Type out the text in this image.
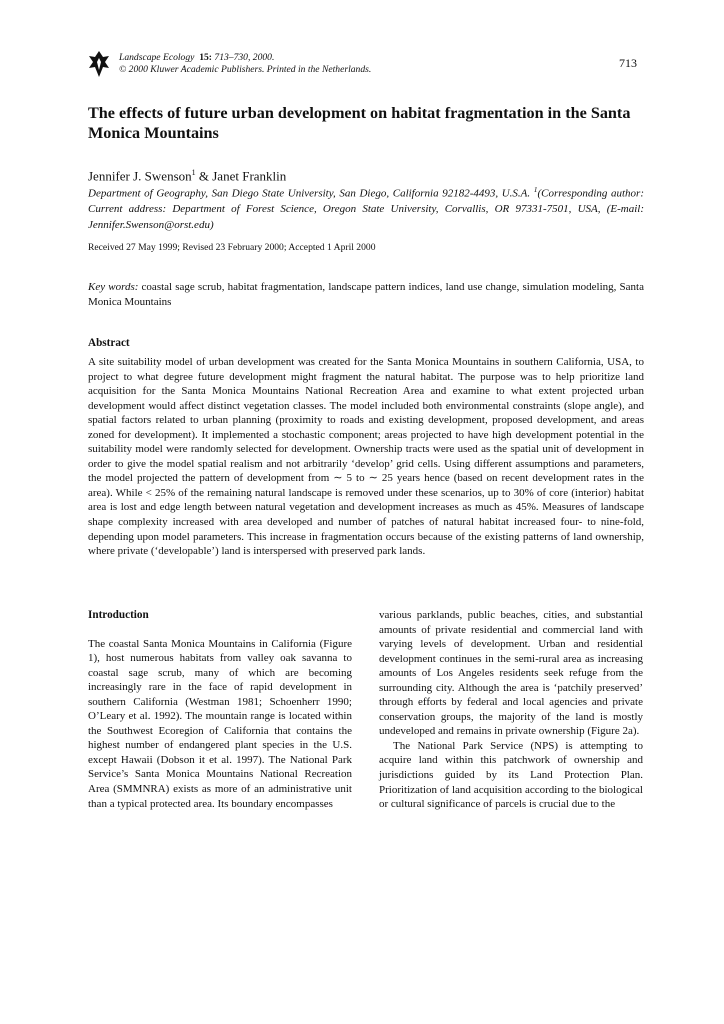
Landscape Ecology 15: 713–730, 2000.
© 2000 Kluwer Academic Publishers. Printed in the Netherlands.	713
The effects of future urban development on habitat fragmentation in the Santa Monica Mountains
Jennifer J. Swenson$^1$ & Janet Franklin
Department of Geography, San Diego State University, San Diego, California 92182-4493, U.S.A. $^1$(Corresponding author: Current address: Department of Forest Science, Oregon State University, Corvallis, OR 97331-7501, USA, (E-mail: Jennifer.Swenson@orst.edu)
Received 27 May 1999; Revised 23 February 2000; Accepted 1 April 2000
Key words: coastal sage scrub, habitat fragmentation, landscape pattern indices, land use change, simulation modeling, Santa Monica Mountains
Abstract
A site suitability model of urban development was created for the Santa Monica Mountains in southern California, USA, to project to what degree future development might fragment the natural habitat. The purpose was to help prioritize land acquisition for the Santa Monica Mountains National Recreation Area and examine to what extent projected urban development would affect distinct vegetation classes. The model included both environmental constraints (slope angle), and spatial factors related to urban planning (proximity to roads and existing development, proposed development, and areas zoned for development). It implemented a stochastic component; areas projected to have high development potential in the suitability model were randomly selected for development. Ownership tracts were used as the spatial unit of development in order to give the model spatial realism and not arbitrarily ‘develop’ grid cells. Using different assumptions and parameters, the model projected the pattern of development from ∼ 5 to ∼ 25 years hence (based on recent development rates in the area). While < 25% of the remaining natural landscape is removed under these scenarios, up to 30% of core (interior) habitat area is lost and edge length between natural vegetation and development increases as much as 45%. Measures of landscape shape complexity increased with area developed and number of patches of natural habitat increased four- to nine-fold, depending upon model parameters. This increase in fragmentation occurs because of the existing patterns of land ownership, where private (‘developable’) land is interspersed with preserved park lands.
Introduction

The coastal Santa Monica Mountains in California (Figure 1), host numerous habitats from valley oak savanna to coastal sage scrub, many of which are becoming increasingly rare in the face of rapid development in southern California (Westman 1981; Schoenherr 1990; O’Leary et al. 1992). The mountain range is located within the Southwest Ecoregion of California that contains the highest number of endangered plant species in the U.S. except Hawaii (Dobson it et al. 1997). The National Park Service’s Santa Monica Mountains National Recreation Area (SMMNRA) exists as more of an administrative unit than a typical protected area. Its boundary encompasses

various parklands, public beaches, cities, and substantial amounts of private residential and commercial land with varying levels of development. Urban and residential development continues in the semi-rural area as increasing amounts of Los Angeles residents seek refuge from the surrounding city. Although the area is ‘patchily preserved’ through efforts by federal and local agencies and private conservation groups, the majority of the land is mostly undeveloped and remains in private ownership (Figure 2a).

The National Park Service (NPS) is attempting to acquire land within this patchwork of ownership and jurisdictions guided by its Land Protection Plan. Prioritization of land acquisition according to the biological or cultural significance of parcels is crucial due to the
